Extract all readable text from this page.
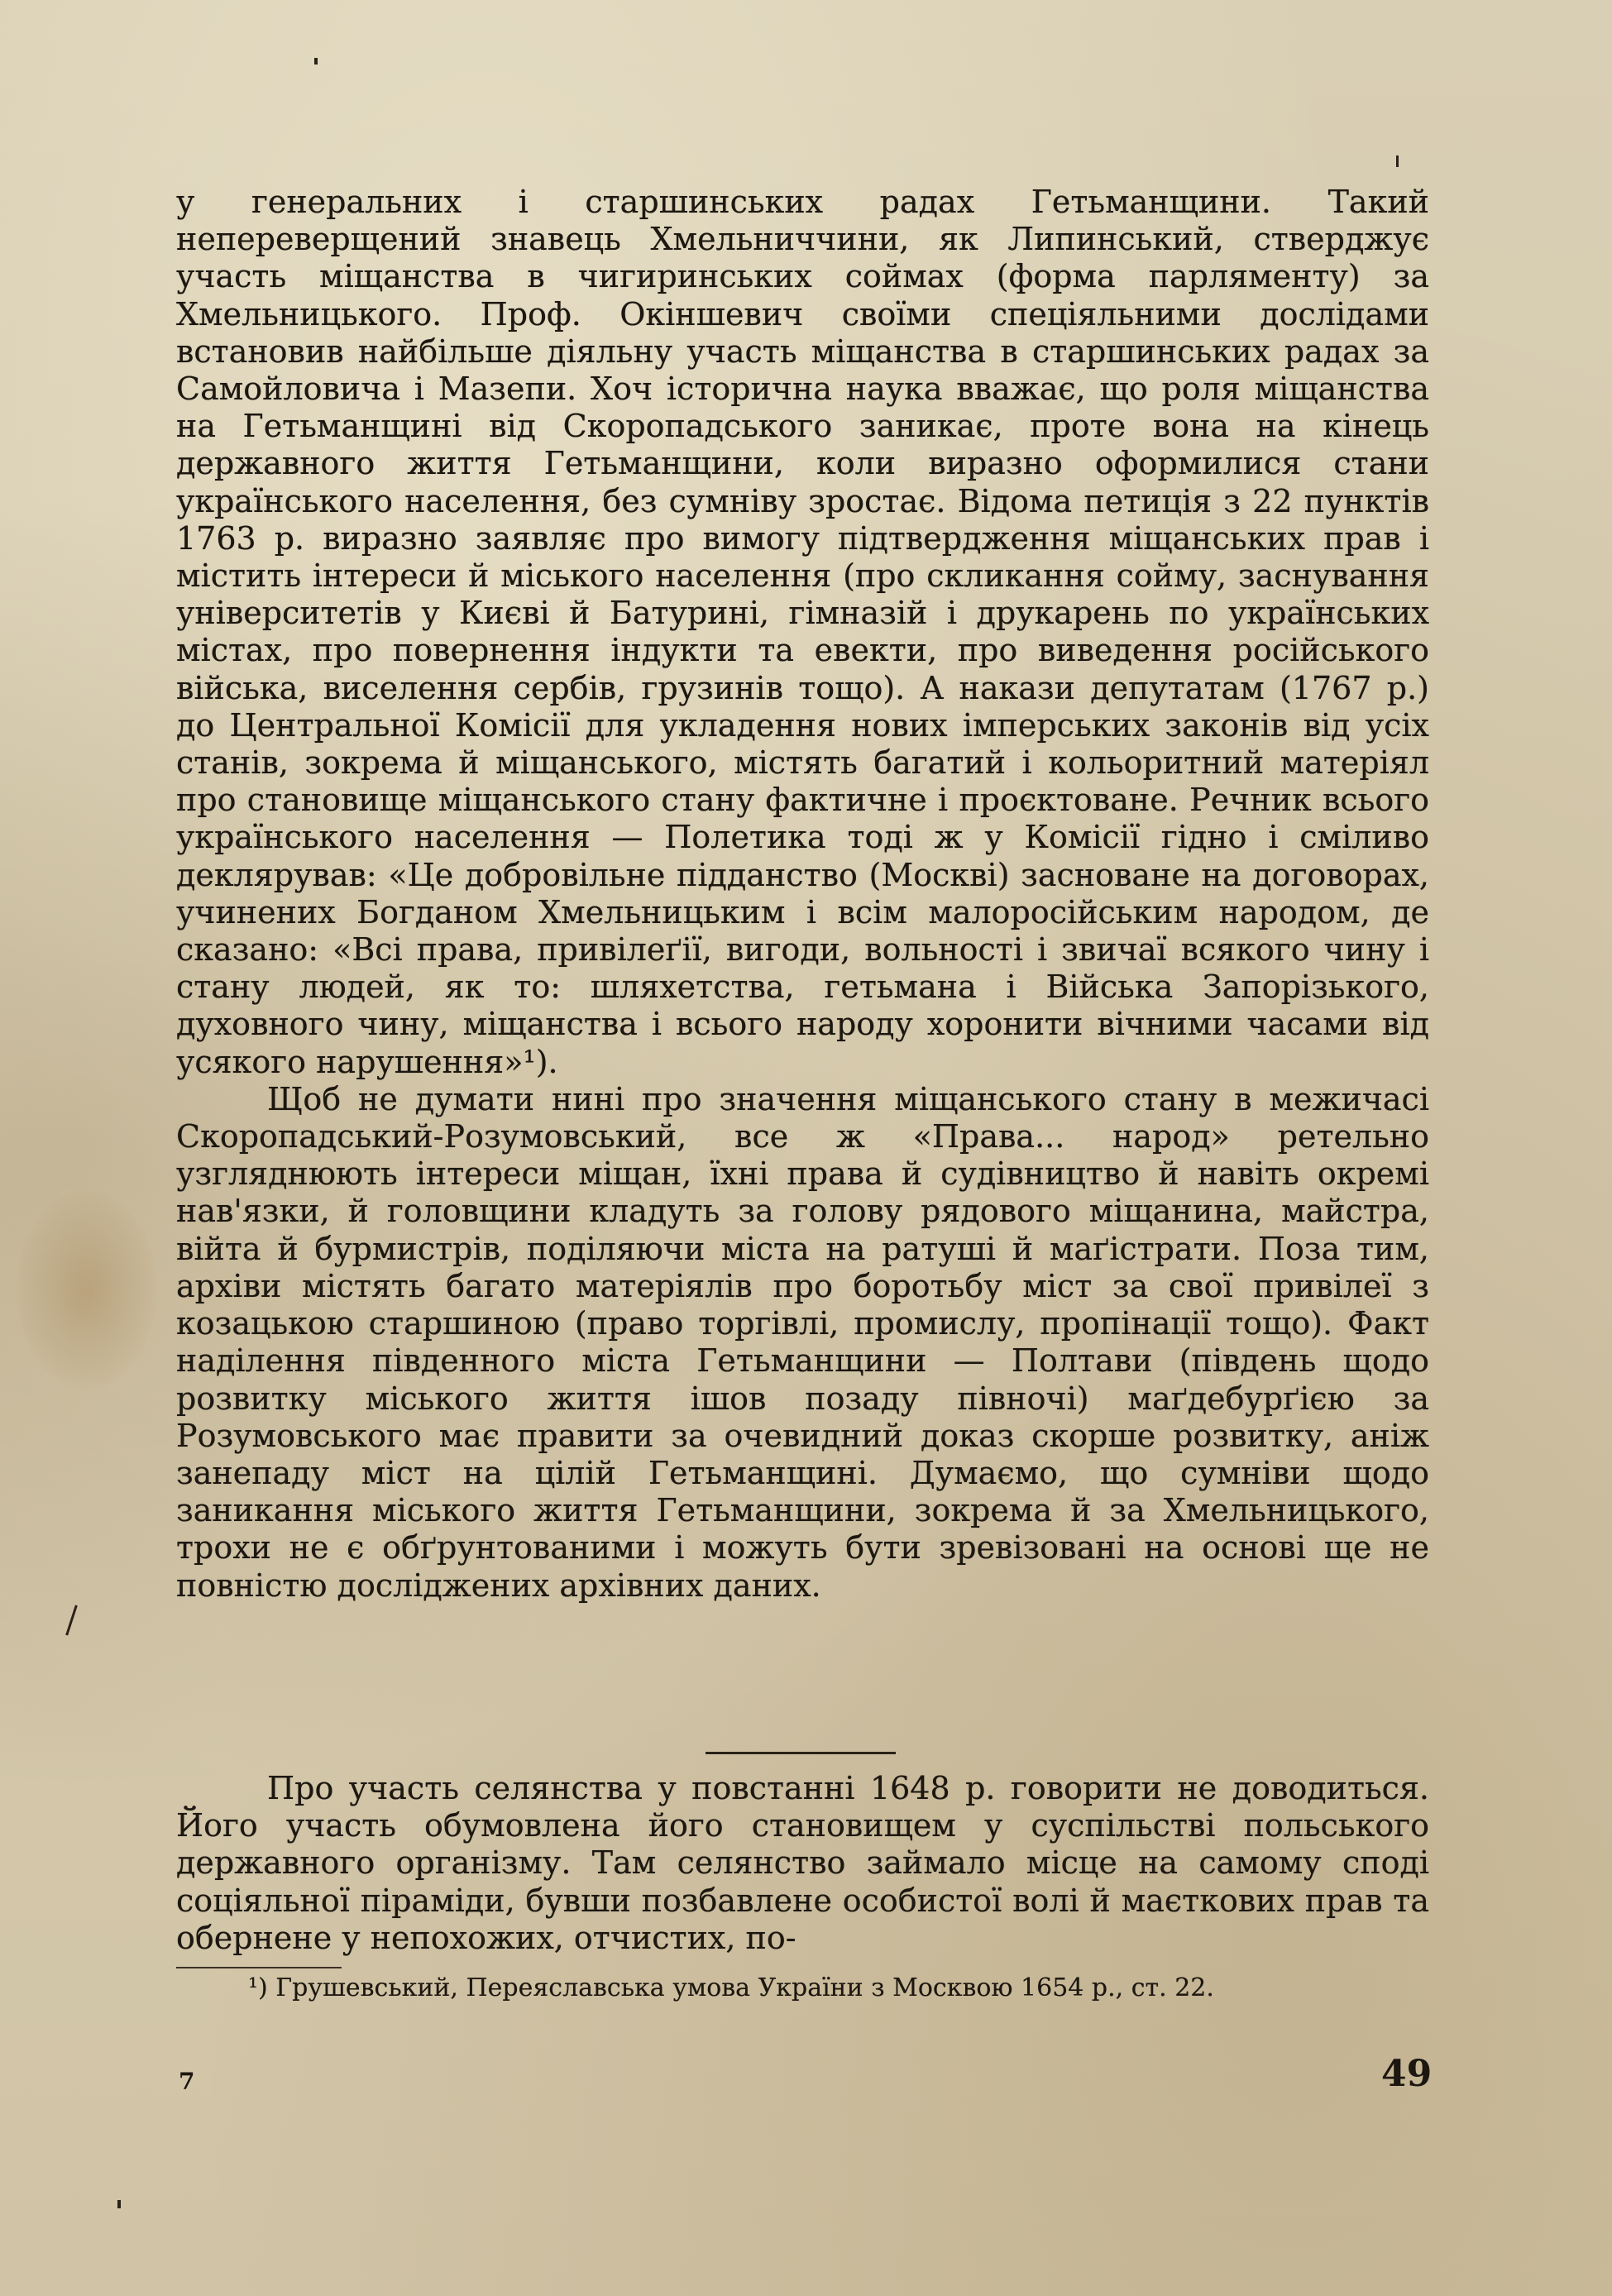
у генеральних і старшинських радах Гетьманщини. Такий непереверщений знавець Хмельниччини, як Липинський, стверджує участь міщанства в чигиринських соймах (форма парляменту) за Хмельницького. Проф. Окіншевич своїми спеціяльними дослідами встановив найбільше діяльну участь міщанства в старшинських радах за Самойловича і Мазепи. Хоч історична наука вважає, що роля міщанства на Гетьманщині від Скоропадського заникає, проте вона на кінець державного життя Гетьманщини, коли виразно оформилися стани українського населення, без сумніву зростає. Відома петиція з 22 пунктів 1763 р. виразно заявляє про вимогу підтвердження міщанських прав і містить інтереси й міського населення (про скликання сойму, заснування університетів у Києві й Батурині, гімназій і друкарень по українських містах, про повернення індукти та евекти, про виведення російського війська, виселення сербів, грузинів тощо). А накази депутатам (1767 р.) до Центральної Комісії для укладення нових імперських законів від усіх станів, зокрема й міщанського, містять багатий і кольоритний матеріял про становище міщанського стану фактичне і проєктоване. Речник всього українського населення — Полетика тоді ж у Комісії гідно і сміливо деклярував: «Це добровільне підданство (Москві) засноване на договорах, учинених Богданом Хмельницьким і всім малоросійським народом, де сказано: «Всі права, привілеґії, вигоди, вольності і звичаї всякого чину і стану людей, як то: шляхетства, гетьмана і Війська Запорізького, духовного чину, міщанства і всього народу хоронити вічними часами від усякого нарушення»¹).

Щоб не думати нині про значення міщанського стану в межичасі Скоропадський-Розумовський, все ж «Права... народ» ретельно узгляднюють інтереси міщан, їхні права й судівництво й навіть окремі нав'язки, й головщини кладуть за голову рядового міщанина, майстра, війта й бурмистрів, поділяючи міста на ратуші й маґістрати. Поза тим, архіви містять багато матеріялів про боротьбу міст за свої привілеї з козацькою старшиною (право торгівлі, промислу, пропінації тощо). Факт наділення південного міста Гетьманщини — Полтави (південь щодо розвитку міського життя ішов позаду півночі) маґдебурґією за Розумовського має правити за очевидний доказ скорше розвитку, аніж занепаду міст на цілій Гетьманщині. Думаємо, що сумніви щодо заникання міського життя Гетьманщини, зокрема й за Хмельницького, трохи не є обґрунтованими і можуть бути зревізовані на основі ще не повністю досліджених архівних даних.

Про участь селянства у повстанні 1648 р. говорити не доводиться. Його участь обумовлена його становищем у суспільстві польського державного організму. Там селянство займало місце на самому споді соціяльної піраміди, бувши позбавлене особистої волі й маєткових прав та обернене у непохожих, отчистих, по-

¹) Грушевський, Переяславська умова України з Москвою 1654 р., ст. 22.
7	49
